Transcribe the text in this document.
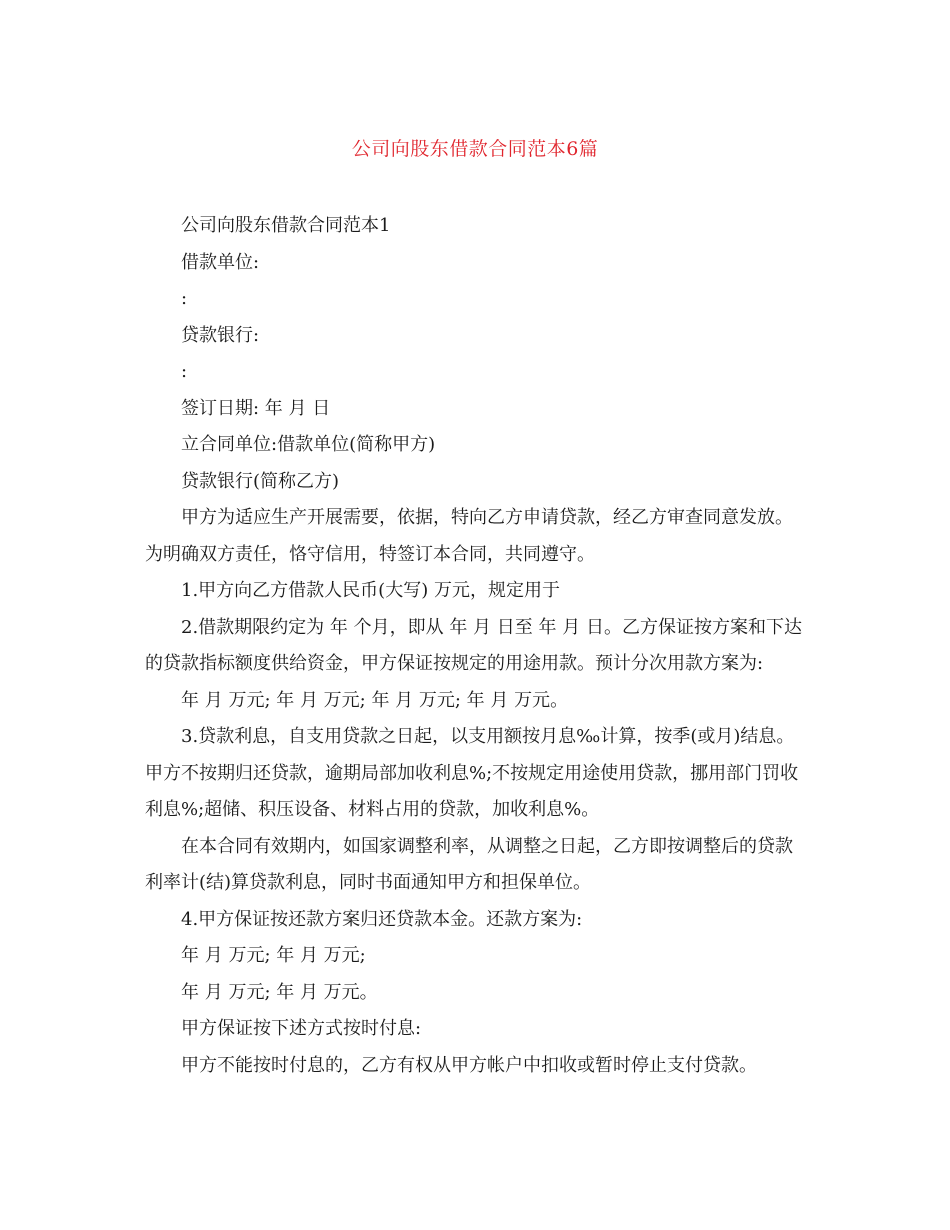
公司向股东借款合同范本6篇

公司向股东借款合同范本1

借款单位:

:

贷款银行:

:

签订日期: 年 月 日

立合同单位:借款单位(简称甲方)

贷款银行(简称乙方)

甲方为适应生产开展需要，依据，特向乙方申请贷款，经乙方审查同意发放。为明确双方责任，恪守信用，特签订本合同，共同遵守。

1.甲方向乙方借款人民币(大写) 万元，规定用于

2.借款期限约定为 年 个月，即从 年 月 日至 年 月 日。乙方保证按方案和下达的贷款指标额度供给资金，甲方保证按规定的用途用款。预计分次用款方案为:

年 月 万元; 年 月 万元; 年 月 万元; 年 月 万元。

3.贷款利息，自支用贷款之日起，以支用额按月息‰计算，按季(或月)结息。甲方不按期归还贷款，逾期局部加收利息%;不按规定用途使用贷款，挪用部门罚收利息%;超储、积压设备、材料占用的贷款，加收利息%。

在本合同有效期内，如国家调整利率，从调整之日起，乙方即按调整后的贷款利率计(结)算贷款利息，同时书面通知甲方和担保单位。

4.甲方保证按还款方案归还贷款本金。还款方案为:

年 月 万元; 年 月 万元;

年 月 万元; 年 月 万元。

甲方保证按下述方式按时付息:

甲方不能按时付息的，乙方有权从甲方帐户中扣收或暂时停止支付贷款。
